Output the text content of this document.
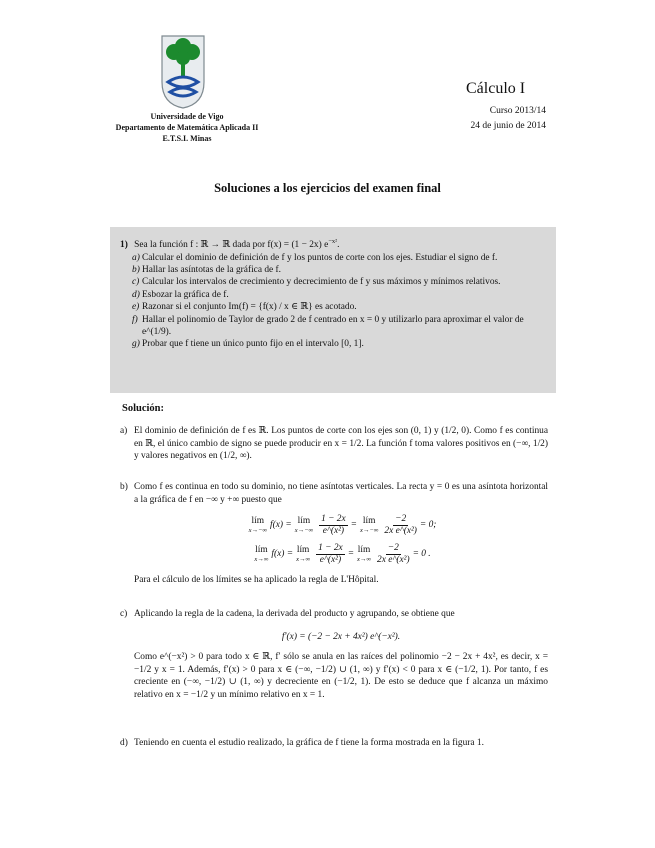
Universidade de Vigo
Departamento de Matemática Aplicada II
E.T.S.I. Minas
Cálculo I
Curso 2013/14
24 de junio de 2014
Soluciones a los ejercicios del examen final
1) Sea la función f : ℝ → ℝ dada por f(x) = (1 − 2x) $e^{-x^2}$.
a) Calcular el dominio de definición de f y los puntos de corte con los ejes. Estudiar el signo de f.
b) Hallar las asíntotas de la gráfica de f.
c) Calcular los intervalos de crecimiento y decrecimiento de f y sus máximos y mínimos relativos.
d) Esbozar la gráfica de f.
e) Razonar si el conjunto Im(f) = {f(x) / x ∈ ℝ} es acotado.
f) Hallar el polinomio de Taylor de grado 2 de f centrado en x = 0 y utilizarlo para aproximar el valor de e^(1/9).
g) Probar que f tiene un único punto fijo en el intervalo [0, 1].
Solución:
a) El dominio de definición de f es ℝ. Los puntos de corte con los ejes son (0, 1) y (1/2, 0). Como f es continua en ℝ, el único cambio de signo se puede producir en x = 1/2. La función f toma valores positivos en (−∞, 1/2) y valores negativos en (1/2, ∞).
b) Como f es continua en todo su dominio, no tiene asíntotas verticales. La recta y = 0 es una asíntota horizontal a la gráfica de f en −∞ y +∞ puesto que
lím
x→−∞ f(x) = lím
$x\to-\infty \frac{1 - 2x}{\text{e\textasciicircum{}(x²)}}$ = lím
$x\to-\infty \frac{-2}{\text{2x e\textasciicircum{}(x²)}} = 0$;
lím
x→∞ f(x) = lím
$x\to\infty \frac{1 - 2x}{\text{e\textasciicircum{}(x²)}}$ = lím
$x\to\infty \frac{-2}{\text{2x e\textasciicircum{}(x²)}} = 0$ .
Para el cálculo de los límites se ha aplicado la regla de L'Hôpital.
c) Aplicando la regla de la cadena, la derivada del producto y agrupando, se obtiene que
f′(x) = (−2 − 2x + 4x²) e^(−x²).
Como e^(−x²) > 0 para todo x ∈ ℝ, f′ sólo se anula en las raíces del polinomio −2 − 2x + 4x², es decir, x = −1/2 y x = 1. Además, f′(x) > 0 para x ∈ (−∞, −1/2) ∪ (1, ∞) y f′(x) < 0 para x ∈ (−1/2, 1). Por tanto, f es creciente en (−∞, −1/2) ∪ (1, ∞) y decreciente en (−1/2, 1). De esto se deduce que f alcanza un máximo relativo en x = −1/2 y un mínimo relativo en x = 1.
d) Teniendo en cuenta el estudio realizado, la gráfica de f tiene la forma mostrada en la figura 1.
